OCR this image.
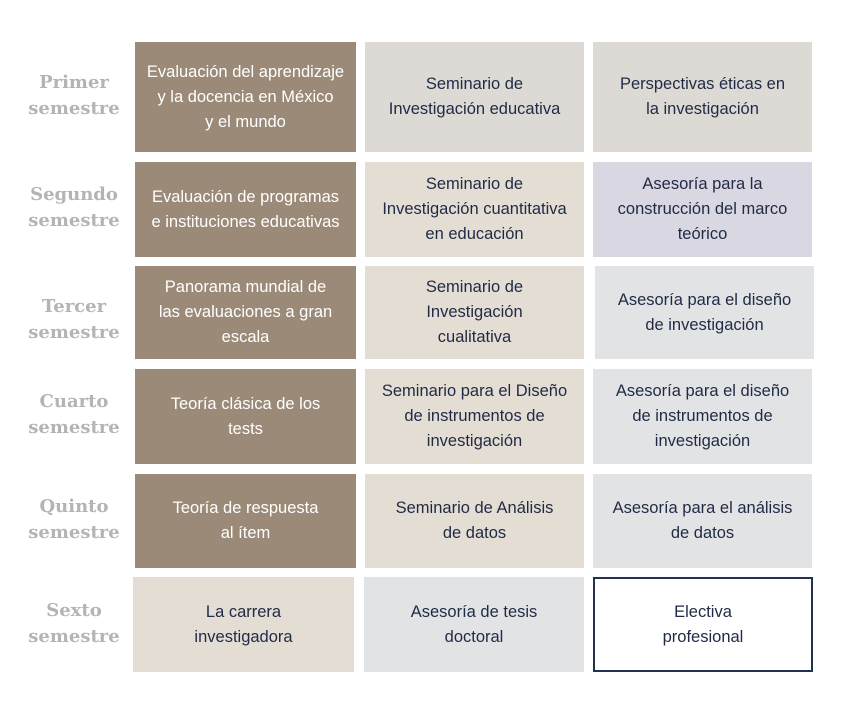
Primer
semestre
Evaluación del aprendizaje
y la docencia en México
y el mundo
Seminario de
Investigación educativa
Perspectivas éticas en
la investigación
Segundo
semestre
Evaluación de programas
e instituciones educativas
Seminario de
Investigación cuantitativa
en educación
Asesoría para la
construcción del marco
teórico
Tercer
semestre
Panorama mundial de
las evaluaciones a gran
escala
Seminario de
Investigación
cualitativa
Asesoría para el diseño
de investigación
Cuarto
semestre
Teoría clásica de los
tests
Seminario para el Diseño
de instrumentos de
investigación
Asesoría para el diseño
de instrumentos de
investigación
Quinto
semestre
Teoría de respuesta
al ítem
Seminario de Análisis
de datos
Asesoría para el análisis
de datos
Sexto
semestre
La carrera
investigadora
Asesoría de tesis
doctoral
Electiva
profesional
